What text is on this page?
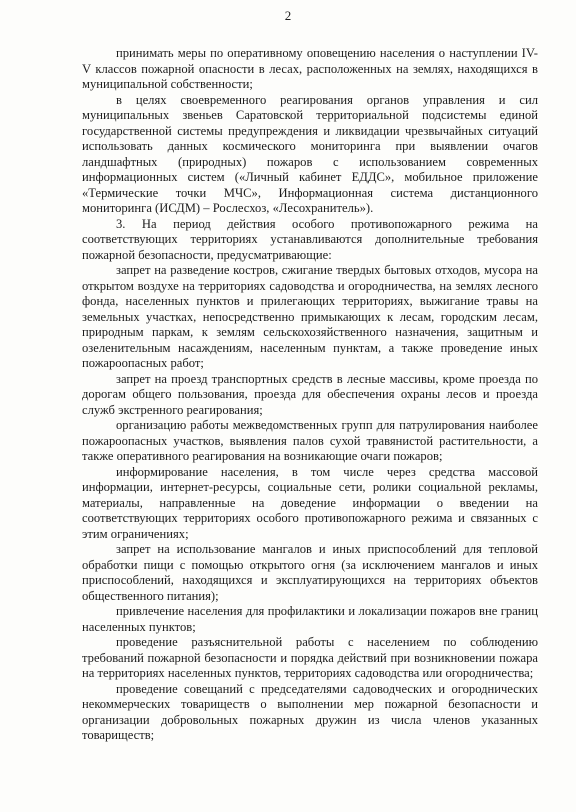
2

принимать меры по оперативному оповещению населения о наступлении IV-V классов пожарной опасности в лесах, расположенных на землях, находящихся в муниципальной собственности;

в целях своевременного реагирования органов управления и сил муниципальных звеньев Саратовской территориальной подсистемы единой государственной системы предупреждения и ликвидации чрезвычайных ситуаций использовать данных космического мониторинга при выявлении очагов ландшафтных (природных) пожаров с использованием современных информационных систем («Личный кабинет ЕДДС», мобильное приложение «Термические точки МЧС», Информационная система дистанционного мониторинга (ИСДМ) – Рослесхоз, «Лесохранитель»).

3. На период действия особого противопожарного режима на соответствующих территориях устанавливаются дополнительные требования пожарной безопасности, предусматривающие:

запрет на разведение костров, сжигание твердых бытовых отходов, мусора на открытом воздухе на территориях садоводства и огородничества, на землях лесного фонда, населенных пунктов и прилегающих территориях, выжигание травы на земельных участках, непосредственно примыкающих к лесам, городским лесам, природным паркам, к землям сельскохозяйственного назначения, защитным и озеленительным насаждениям, населенным пунктам, а также проведение иных пожароопасных работ;

запрет на проезд транспортных средств в лесные массивы, кроме проезда по дорогам общего пользования, проезда для обеспечения охраны лесов и проезда служб экстренного реагирования;

организацию работы межведомственных групп для патрулирования наиболее пожароопасных участков, выявления палов сухой травянистой растительности, а также оперативного реагирования на возникающие очаги пожаров;

информирование населения, в том числе через средства массовой информации, интернет-ресурсы, социальные сети, ролики социальной рекламы, материалы, направленные на доведение информации о введении на соответствующих территориях особого противопожарного режима и связанных с этим ограничениях;

запрет на использование мангалов и иных приспособлений для тепловой обработки пищи с помощью открытого огня (за исключением мангалов и иных приспособлений, находящихся и эксплуатирующихся на территориях объектов общественного питания);

привлечение населения для профилактики и локализации пожаров вне границ населенных пунктов;

проведение разъяснительной работы с населением по соблюдению требований пожарной безопасности и порядка действий при возникновении пожара на территориях населенных пунктов, территориях садоводства или огородничества;

проведение совещаний с председателями садоводческих и огороднических некоммерческих товариществ о выполнении мер пожарной безопасности и организации добровольных пожарных дружин из числа членов указанных товариществ;
